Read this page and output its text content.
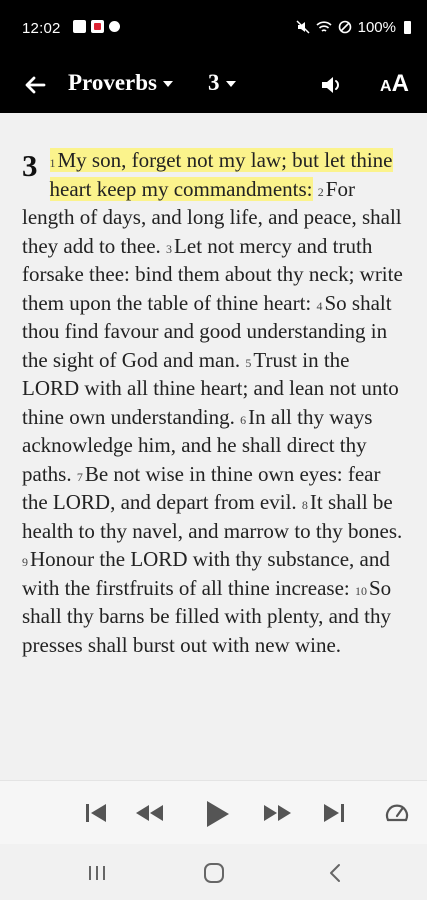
12:02	100%
Proverbs 3	AA
3 $^1$My son, forget not my law; but let thine heart keep my commandments: $^2$For length of days, and long life, and peace, shall they add to thee. $^3$Let not mercy and truth forsake thee: bind them about thy neck; write them upon the table of thine heart: $^4$So shalt thou find favour and good understanding in the sight of God and man. $^5$Trust in the LORD with all thine heart; and lean not unto thine own understanding. $^6$In all thy ways acknowledge him, and he shall direct thy paths. $^7$Be not wise in thine own eyes: fear the LORD, and depart from evil. $^8$It shall be health to thy navel, and marrow to thy bones. $^9$Honour the LORD with thy substance, and with the firstfruits of all thine increase: $^{10}$So shall thy barns be filled with plenty, and thy presses shall burst out with new wine.
